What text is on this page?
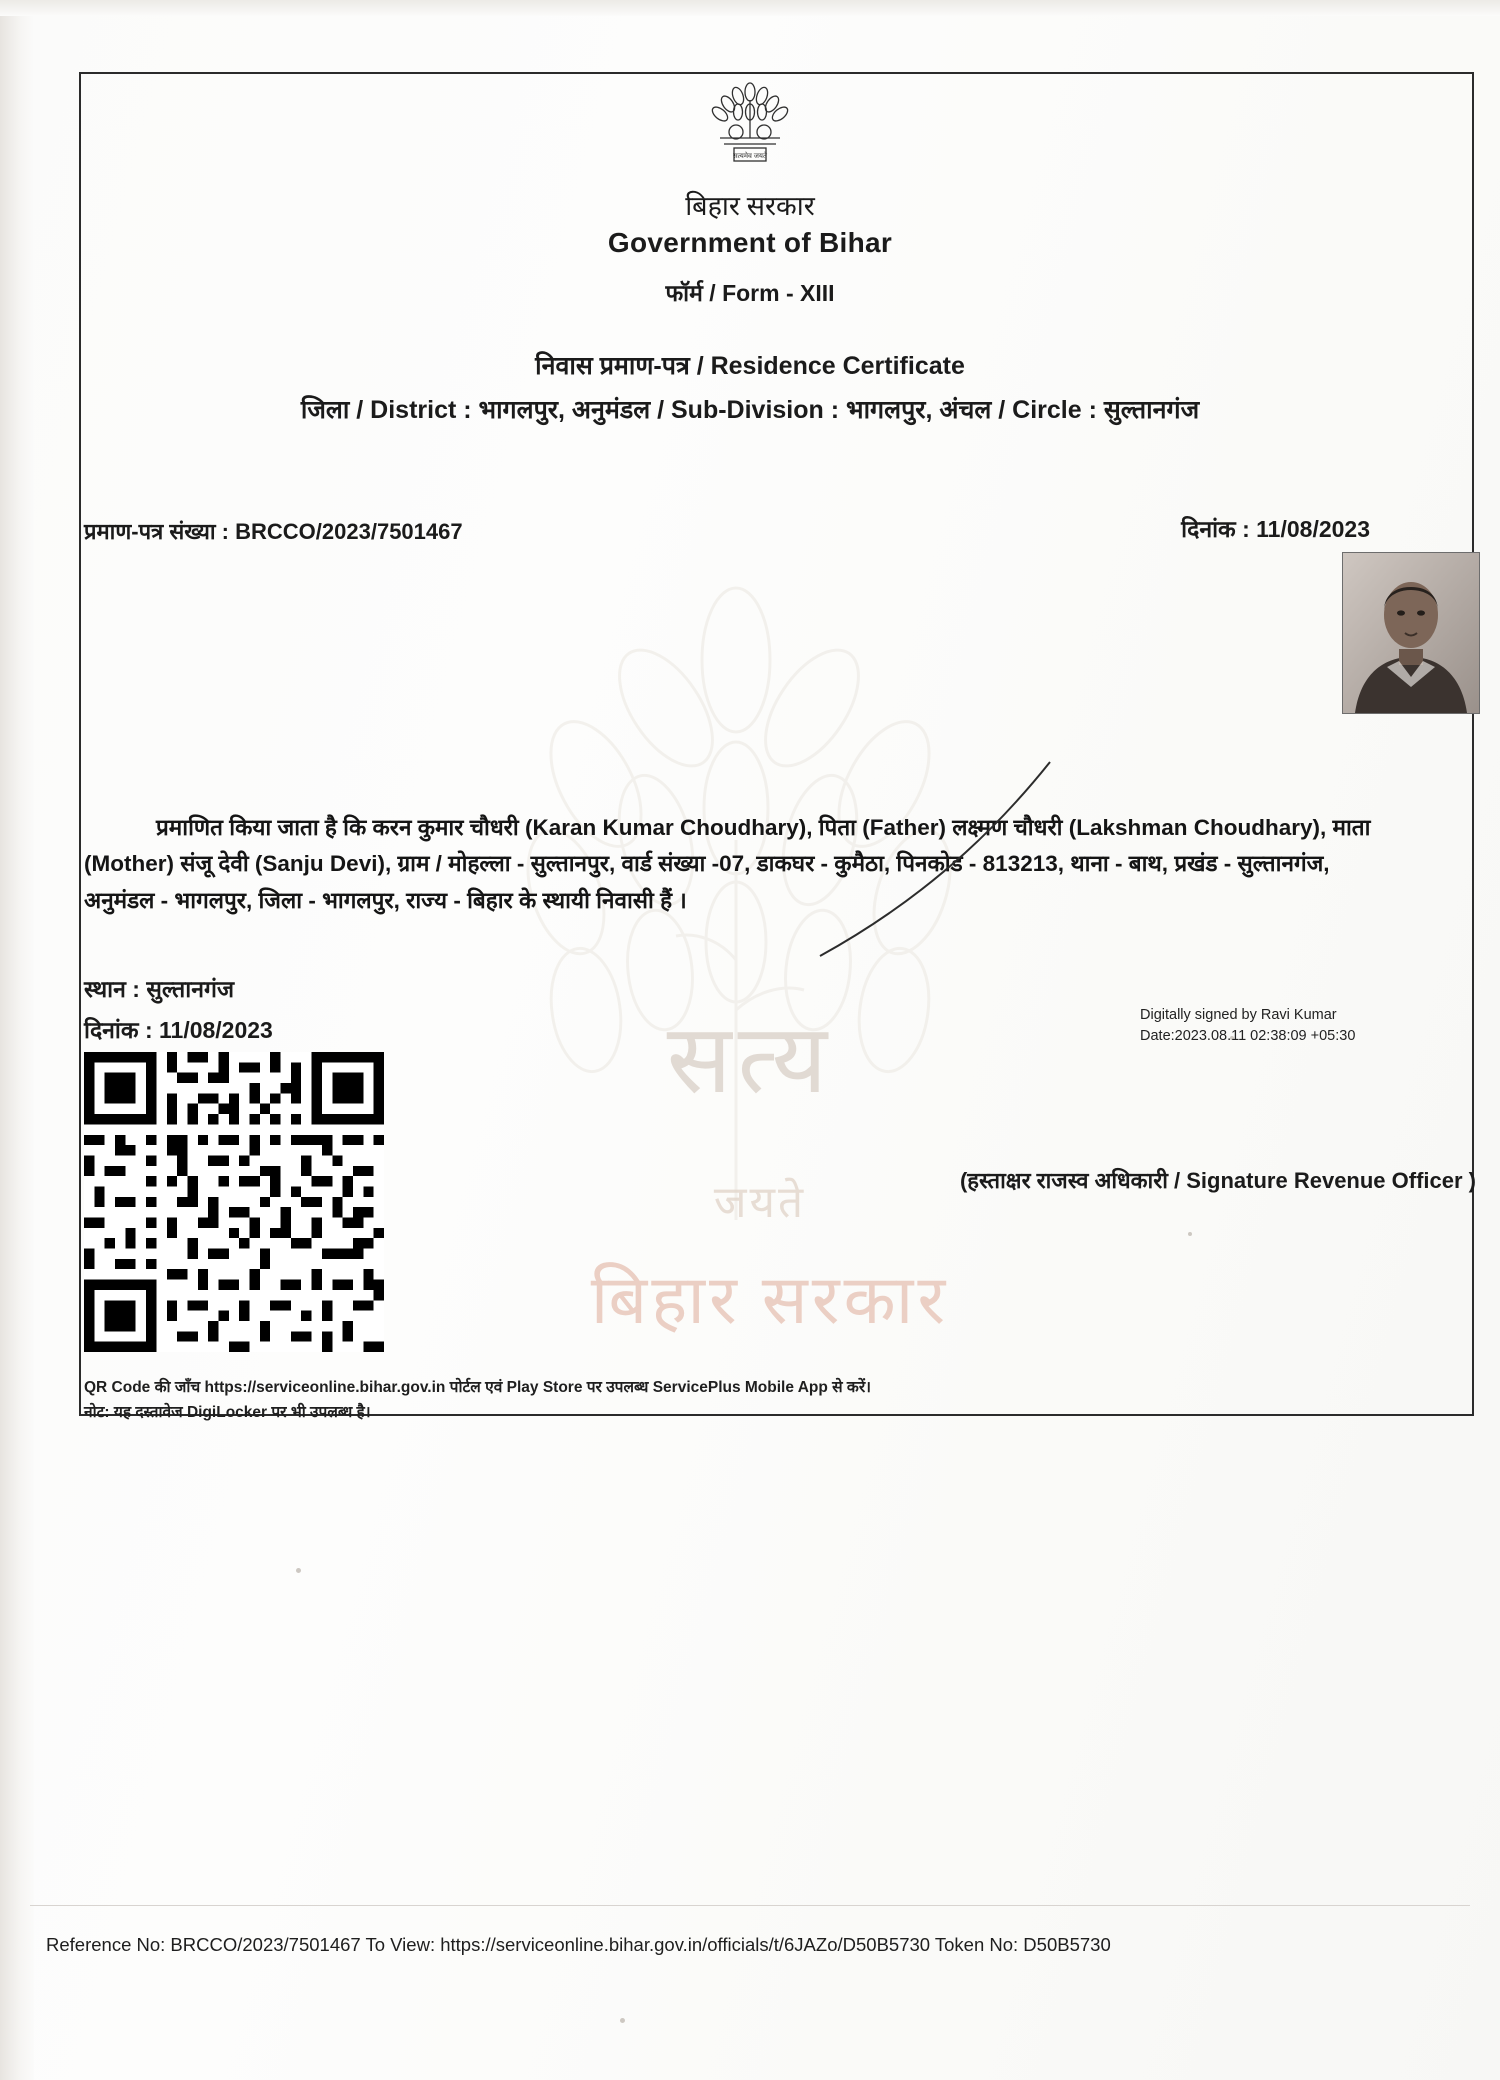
सत्य
जयते
बिहार सरकार
सत्यमेव जयते
बिहार सरकार
Government of Bihar
फॉर्म / Form - XIII
निवास प्रमाण-पत्र / Residence Certificate
जिला / District : भागलपुर, अनुमंडल / Sub-Division : भागलपुर, अंचल / Circle : सुल्तानगंज
प्रमाण-पत्र संख्या : BRCCO/2023/7501467	दिनांक : 11/08/2023
प्रमाणित किया जाता है कि करन कुमार चौधरी (Karan Kumar Choudhary), पिता (Father) लक्ष्मण चौधरी (Lakshman Choudhary), माता (Mother) संजू देवी (Sanju Devi), ग्राम / मोहल्ला - सुल्तानपुर, वार्ड संख्या -07, डाकघर - कुमैठा, पिनकोड - 813213, थाना - बाथ, प्रखंड - सुल्तानगंज, अनुमंडल - भागलपुर, जिला - भागलपुर, राज्य - बिहार के स्थायी निवासी हैं ।
स्थान : सुल्तानगंज
दिनांक : 11/08/2023
Digitally signed by Ravi Kumar
Date:2023.08.11 02:38:09 +05:30
(हस्ताक्षर राजस्व अधिकारी / Signature Revenue Officer )
QR Code की जाँच https://serviceonline.bihar.gov.in पोर्टल एवं Play Store पर उपलब्ध ServicePlus Mobile App से करें।
नोट: यह दस्तावेज DigiLocker पर भी उपलब्ध है।
Reference No: BRCCO/2023/7501467 To View: https://serviceonline.bihar.gov.in/officials/t/6JAZo/D50B5730 Token No: D50B5730
